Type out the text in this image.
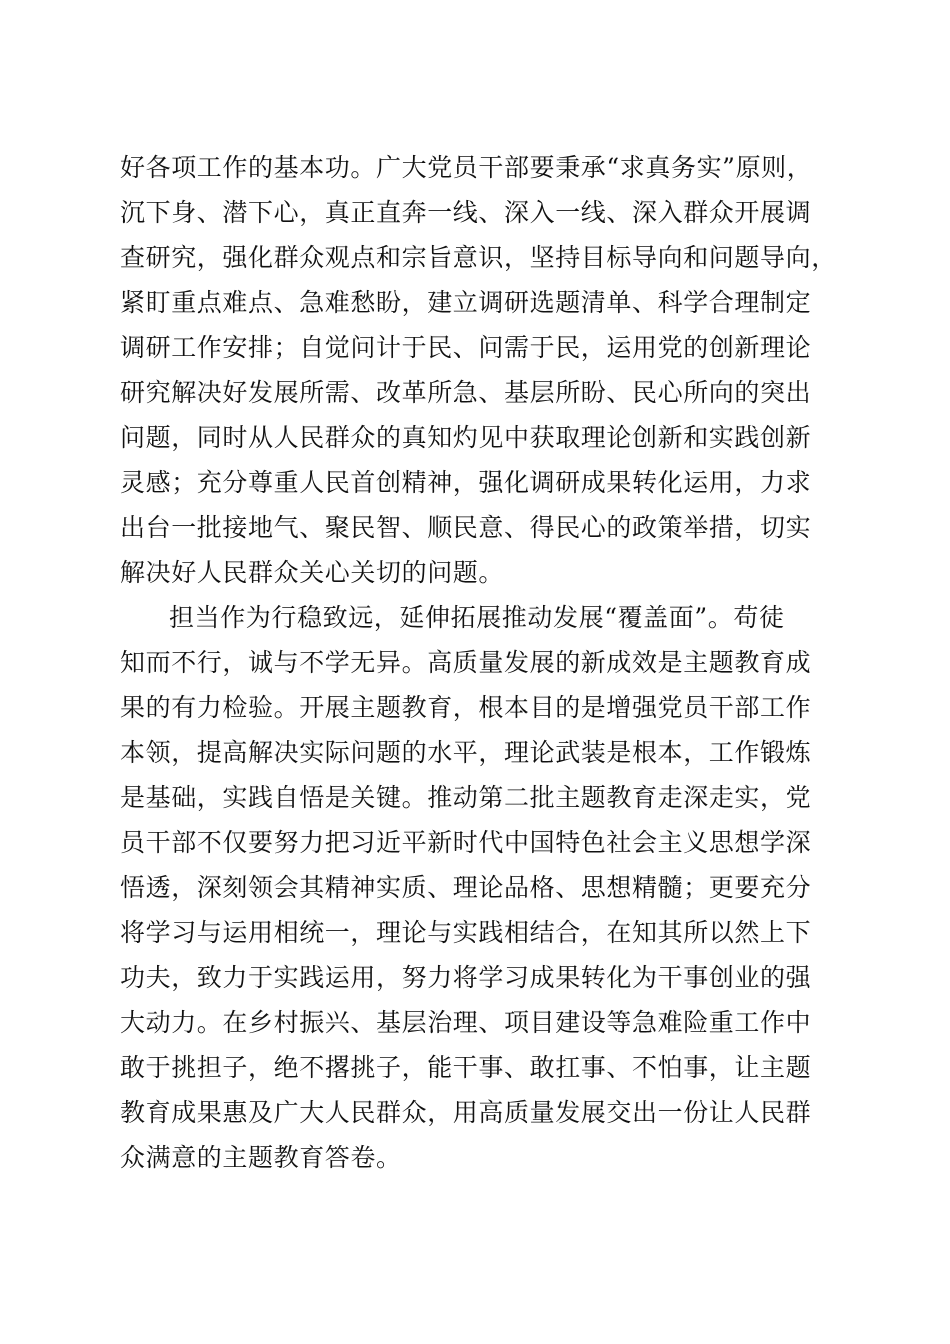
好各项工作的基本功。广大党员干部要秉承“求真务实”原则，
沉下身、潜下心，真正直奔一线、深入一线、深入群众开展调
查研究，强化群众观点和宗旨意识，坚持目标导向和问题导向，
紧盯重点难点、急难愁盼，建立调研选题清单、科学合理制定
调研工作安排；自觉问计于民、问需于民，运用党的创新理论
研究解决好发展所需、改革所急、基层所盼、民心所向的突出
问题，同时从人民群众的真知灼见中获取理论创新和实践创新
灵感；充分尊重人民首创精神，强化调研成果转化运用，力求
出台一批接地气、聚民智、顺民意、得民心的政策举措，切实
解决好人民群众关心关切的问题。
担当作为行稳致远，延伸拓展推动发展“覆盖面”。苟徒
知而不行，诚与不学无异。高质量发展的新成效是主题教育成
果的有力检验。开展主题教育，根本目的是增强党员干部工作
本领，提高解决实际问题的水平，理论武装是根本，工作锻炼
是基础，实践自悟是关键。推动第二批主题教育走深走实，党
员干部不仅要努力把习近平新时代中国特色社会主义思想学深
悟透，深刻领会其精神实质、理论品格、思想精髓；更要充分
将学习与运用相统一，理论与实践相结合，在知其所以然上下
功夫，致力于实践运用，努力将学习成果转化为干事创业的强
大动力。在乡村振兴、基层治理、项目建设等急难险重工作中
敢于挑担子，绝不撂挑子，能干事、敢扛事、不怕事，让主题
教育成果惠及广大人民群众，用高质量发展交出一份让人民群
众满意的主题教育答卷。
